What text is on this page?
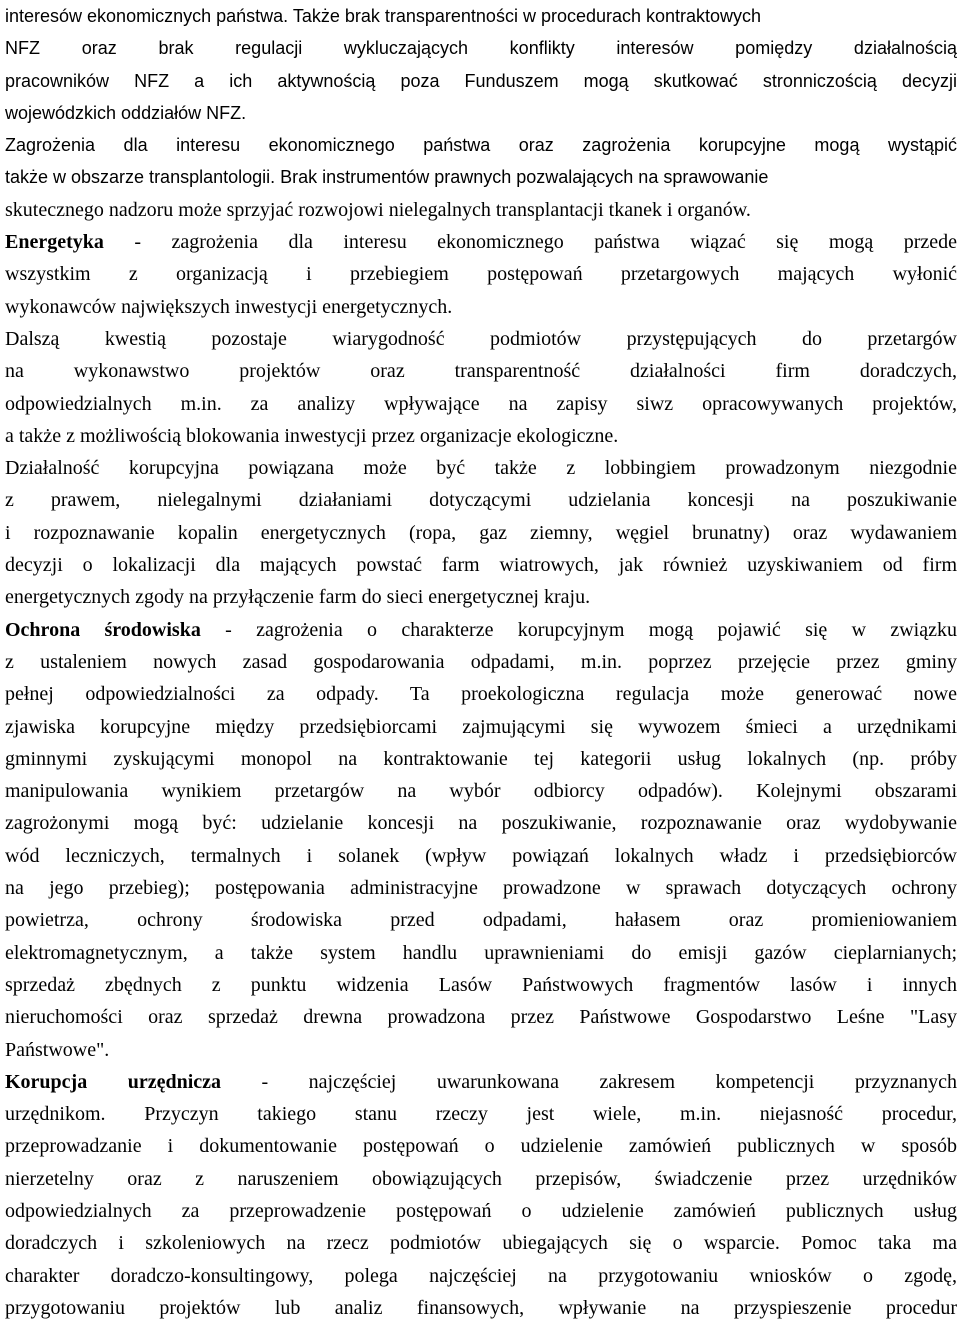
interesów ekonomicznych państwa. Także brak transparentności w procedurach kontraktowych
NFZ oraz brak regulacji wykluczających konflikty interesów pomiędzy działalnością
pracowników NFZ a ich aktywnością poza Funduszem mogą skutkować stronniczością decyzji
wojewódzkich oddziałów NFZ.
Zagrożenia dla interesu ekonomicznego państwa oraz zagrożenia korupcyjne mogą wystąpić
także w obszarze transplantologii. Brak instrumentów prawnych pozwalających na sprawowanie
skutecznego nadzoru może sprzyjać rozwojowi nielegalnych transplantacji tkanek i organów.
Energetyka - zagrożenia dla interesu ekonomicznego państwa wiązać się mogą przede
wszystkim z organizacją i przebiegiem postępowań przetargowych mających wyłonić
wykonawców największych inwestycji energetycznych.
Dalszą kwestią pozostaje wiarygodność podmiotów przystępujących do przetargów
na wykonawstwo projektów oraz transparentność działalności firm doradczych,
odpowiedzialnych m.in. za analizy wpływające na zapisy siwz opracowywanych projektów,
a także z możliwością blokowania inwestycji przez organizacje ekologiczne.
Działalność korupcyjna powiązana może być także z lobbingiem prowadzonym niezgodnie
z prawem, nielegalnymi działaniami dotyczącymi udzielania koncesji na poszukiwanie
i rozpoznawanie kopalin energetycznych (ropa, gaz ziemny, węgiel brunatny) oraz wydawaniem
decyzji o lokalizacji dla mających powstać farm wiatrowych, jak również uzyskiwaniem od firm
energetycznych zgody na przyłączenie farm do sieci energetycznej kraju.
Ochrona środowiska - zagrożenia o charakterze korupcyjnym mogą pojawić się w związku
z ustaleniem nowych zasad gospodarowania odpadami, m.in. poprzez przejęcie przez gminy
pełnej odpowiedzialności za odpady. Ta proekologiczna regulacja może generować nowe
zjawiska korupcyjne między przedsiębiorcami zajmującymi się wywozem śmieci a urzędnikami
gminnymi zyskującymi monopol na kontraktowanie tej kategorii usług lokalnych (np. próby
manipulowania wynikiem przetargów na wybór odbiorcy odpadów). Kolejnymi obszarami
zagrożonymi mogą być: udzielanie koncesji na poszukiwanie, rozpoznawanie oraz wydobywanie
wód leczniczych, termalnych i solanek (wpływ powiązań lokalnych władz i przedsiębiorców
na jego przebieg); postępowania administracyjne prowadzone w sprawach dotyczących ochrony
powietrza, ochrony środowiska przed odpadami, hałasem oraz promieniowaniem
elektromagnetycznym, a także system handlu uprawnieniami do emisji gazów cieplarnianych;
sprzedaż zbędnych z punktu widzenia Lasów Państwowych fragmentów lasów i innych
nieruchomości oraz sprzedaż drewna prowadzona przez Państwowe Gospodarstwo Leśne "Lasy
Państwowe".
Korupcja urzędnicza - najczęściej uwarunkowana zakresem kompetencji przyznanych
urzędnikom. Przyczyn takiego stanu rzeczy jest wiele, m.in. niejasność procedur,
przeprowadzanie i dokumentowanie postępowań o udzielenie zamówień publicznych w sposób
nierzetelny oraz z naruszeniem obowiązujących przepisów, świadczenie przez urzędników
odpowiedzialnych za przeprowadzenie postępowań o udzielenie zamówień publicznych usług
doradczych i szkoleniowych na rzecz podmiotów ubiegających się o wsparcie. Pomoc taka ma
charakter doradczo-konsultingowy, polega najczęściej na przygotowaniu wniosków o zgodę,
przygotowaniu projektów lub analiz finansowych, wpływanie na przyspieszenie procedur
